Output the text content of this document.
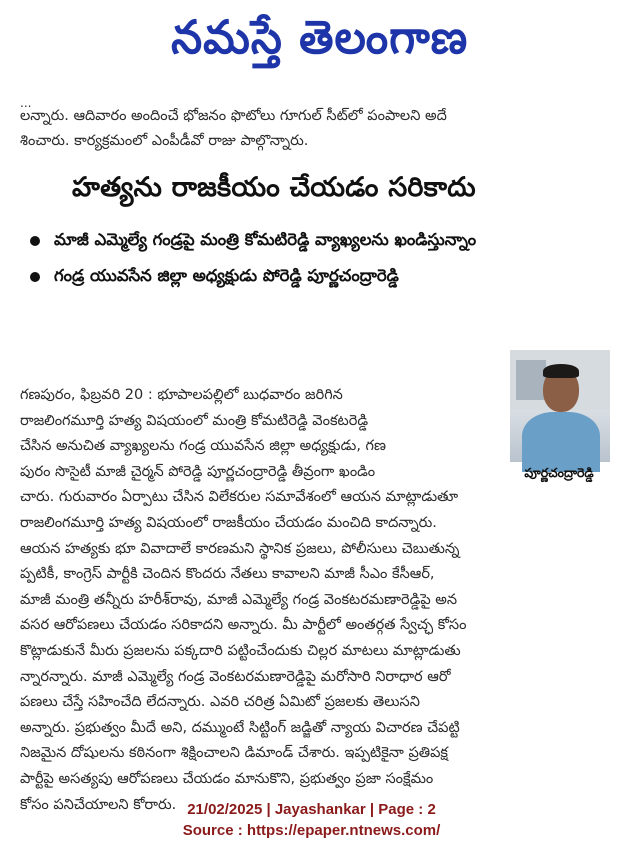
నమస్తే తెలంగాణ
...
లన్నారు. ఆదివారం అందించే భోజనం ఫొటోలు గూగుల్ సీట్‌లో పంపాలని అదే
శించారు. కార్యక్రమంలో ఎంపీడీవో రాజు పాల్గొన్నారు.
హత్యను రాజకీయం చేయడం సరికాదు
మాజీ ఎమ్మెల్యే గండ్రపై మంత్రి కోమటిరెడ్డి వ్యాఖ్యలను ఖండిస్తున్నాం
గండ్ర యువసేన జిల్లా అధ్యక్షుడు పోరెడ్డి పూర్ణచంద్రారెడ్డి
పూర్ణచంద్రారెడ్డి
గణపురం, ఫిబ్రవరి 20 : భూపాలపల్లిలో బుధవారం జరిగిన
రాజలింగమూర్తి హత్య విషయంలో మంత్రి కోమటిరెడ్డి వెంకటరెడ్డి
చేసిన అనుచిత వ్యాఖ్యలను గండ్ర యువసేన జిల్లా అధ్యక్షుడు, గణ
పురం సొసైటీ మాజీ చైర్మన్ పోరెడ్డి పూర్ణచంద్రారెడ్డి తీవ్రంగా ఖండిం
చారు. గురువారం ఏర్పాటు చేసిన విలేకరుల సమావేశంలో ఆయన మాట్లాడుతూ
రాజలింగమూర్తి హత్య విషయంలో రాజకీయం చేయడం మంచిది కాదన్నారు.
ఆయన హత్యకు భూ వివాదాలే కారణమని స్థానిక ప్రజలు, పోలీసులు చెబుతున్న
ప్పటికీ, కాంగ్రెస్ పార్టీకి చెందిన కొందరు నేతలు కావాలని మాజీ సీఎం కేసీఆర్,
మాజీ మంత్రి తన్నీరు హరీశ్‌రావు, మాజీ ఎమ్మెల్యే గండ్ర వెంకటరమణారెడ్డిపై అన
వసర ఆరోపణలు చేయడం సరికాదని అన్నారు. మీ పార్టీలో అంతర్గత స్వేచ్ఛ కోసం
కొట్లాడుకునే మీరు ప్రజలను పక్కదారి పట్టించేందుకు చిల్లర మాటలు మాట్లాడుతు
న్నారన్నారు. మాజీ ఎమ్మెల్యే గండ్ర వెంకటరమణారెడ్డిపై మరోసారి నిరాధార ఆరో
పణలు చేస్తే సహించేది లేదన్నారు. ఎవరి చరిత్ర ఏమిటో ప్రజలకు తెలుసని
అన్నారు. ప్రభుత్వం మీదే అని, దమ్ముంటే సిట్టింగ్ జడ్జితో న్యాయ విచారణ చేపట్టి
నిజమైన దోషులను కఠినంగా శిక్షించాలని డిమాండ్ చేశారు. ఇప్పటికైనా ప్రతిపక్ష
పార్టీపై అసత్యపు ఆరోపణలు చేయడం మానుకొని, ప్రభుత్వం ప్రజా సంక్షేమం
కోసం పనిచేయాలని కోరారు. 21/02/2025 | Jayashankar | Page : 2
Source : https://epaper.ntnews.com/
